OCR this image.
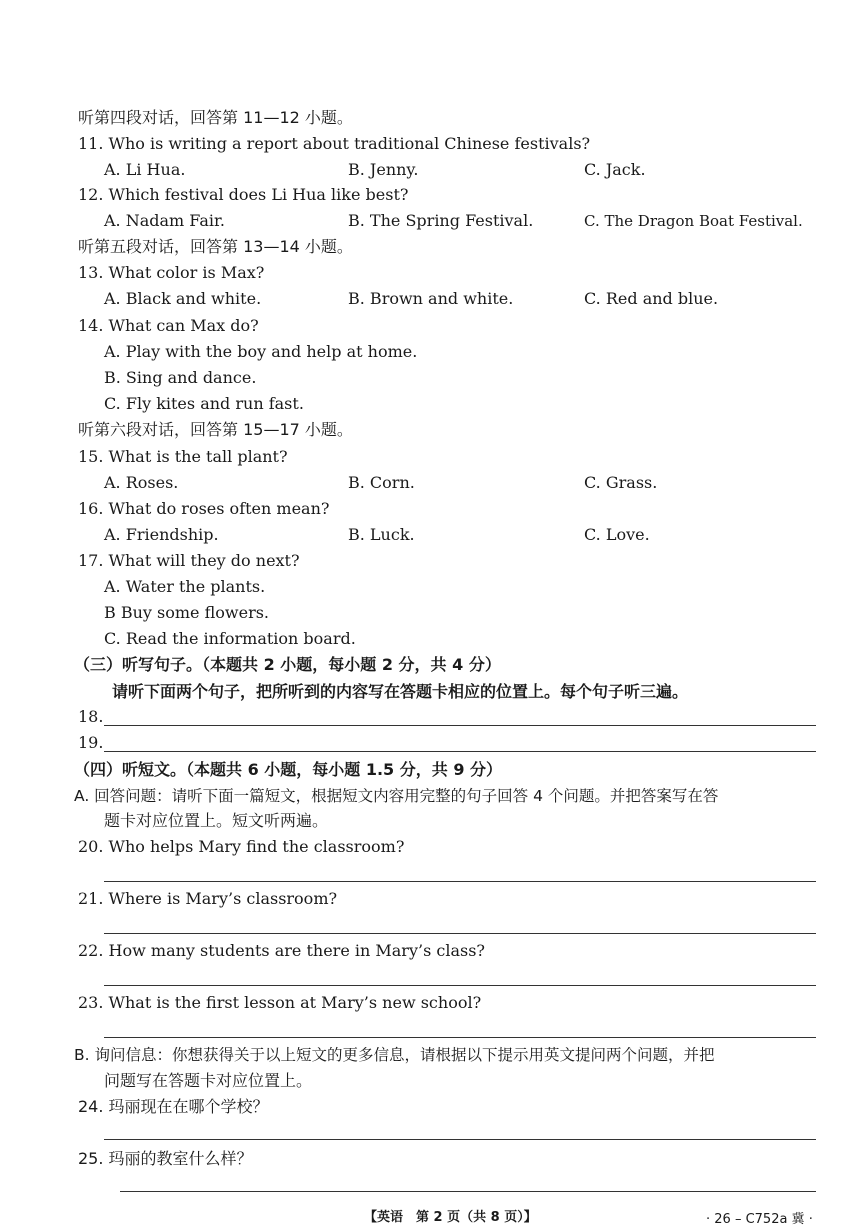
听第四段对话，回答第 11—12 小题。
11. Who is writing a report about traditional Chinese festivals?
A. Li Hua.	B. Jenny.	C. Jack.
12. Which festival does Li Hua like best?
A. Nadam Fair.	B. The Spring Festival.	C. The Dragon Boat Festival.
听第五段对话，回答第 13—14 小题。
13. What color is Max?
A. Black and white.	B. Brown and white.	C. Red and blue.
14. What can Max do?
A. Play with the boy and help at home.
B. Sing and dance.
C. Fly kites and run fast.
听第六段对话，回答第 15—17 小题。
15. What is the tall plant?
A. Roses.	B. Corn.	C. Grass.
16. What do roses often mean?
A. Friendship.	B. Luck.	C. Love.
17. What will they do next?
A. Water the plants.
B Buy some flowers.
C. Read the information board.
（三）听写句子。（本题共 2 小题，每小题 2 分，共 4 分）
请听下面两个句子，把所听到的内容写在答题卡相应的位置上。每个句子听三遍。
18.
19.
（四）听短文。（本题共 6 小题，每小题 1.5 分，共 9 分）
A. 回答问题：请听下面一篇短文，根据短文内容用完整的句子回答 4 个问题。并把答案写在答
题卡对应位置上。短文听两遍。
20. Who helps Mary find the classroom?
21. Where is Mary’s classroom?
22. How many students are there in Mary’s class?
23. What is the first lesson at Mary’s new school?
B. 询问信息：你想获得关于以上短文的更多信息，请根据以下提示用英文提问两个问题，并把
问题写在答题卡对应位置上。
24. 玛丽现在在哪个学校？
25. 玛丽的教室什么样？
【英语　第 2 页（共 8 页）】	· 26 – C752a 冀 ·
